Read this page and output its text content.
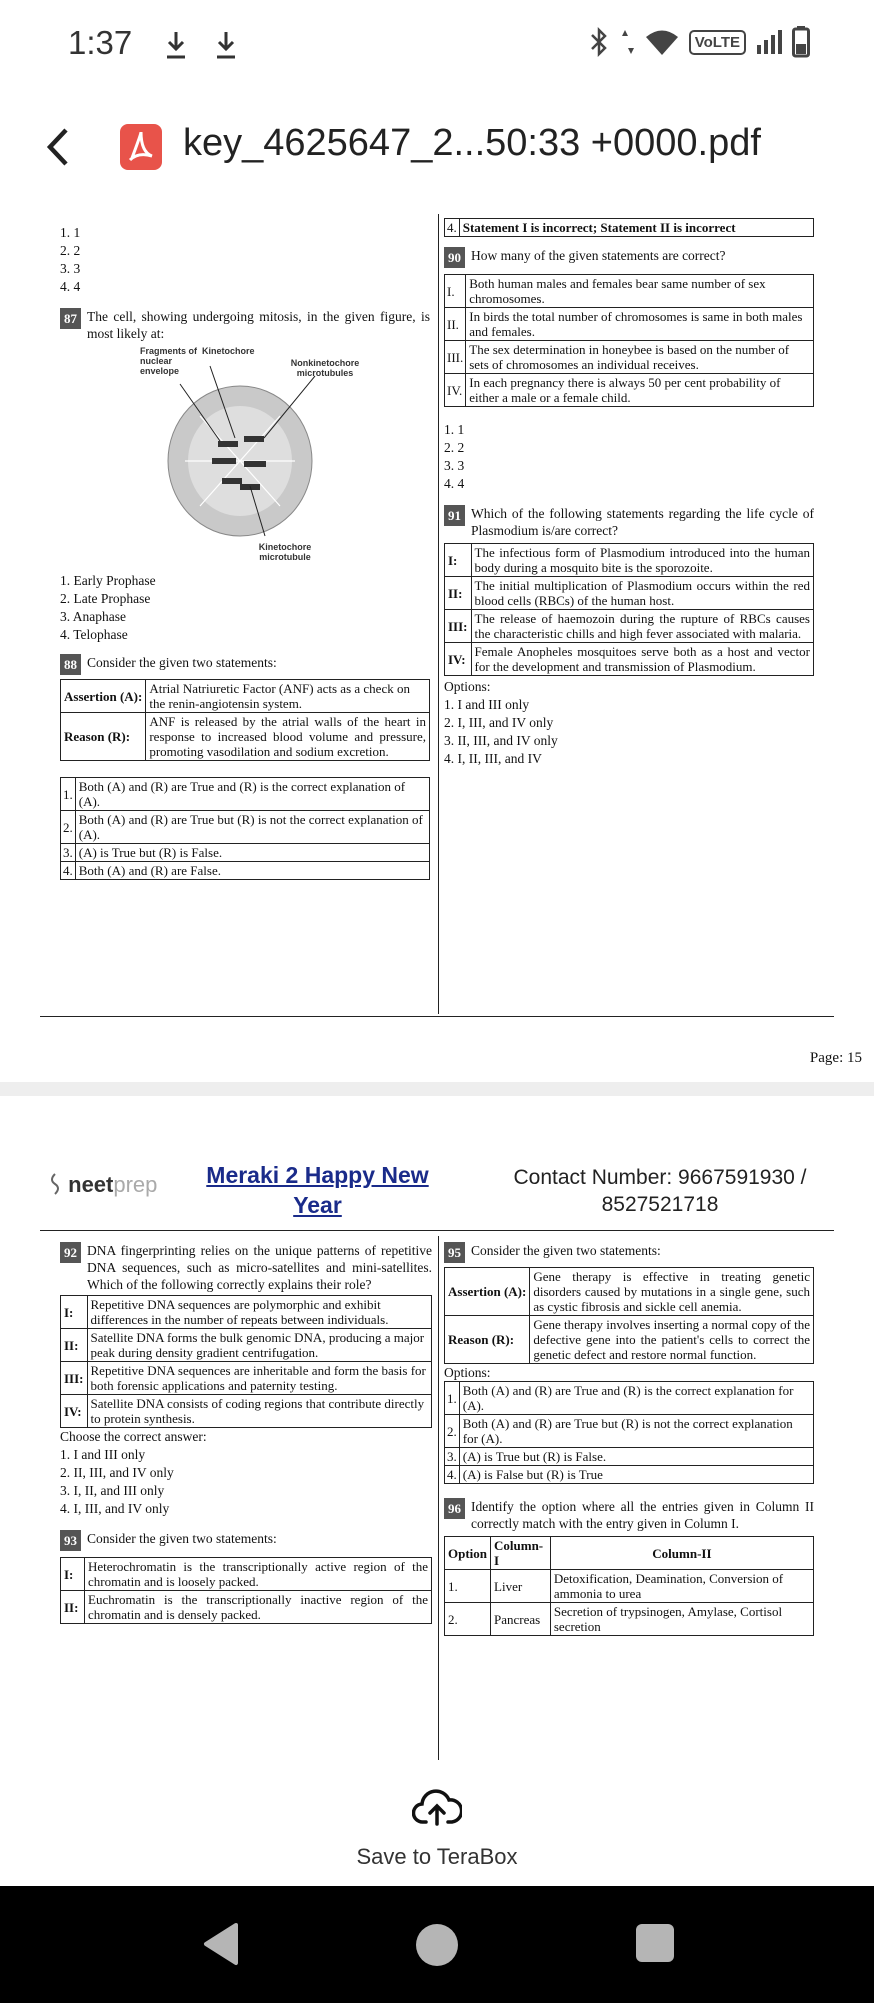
1:37	VoLTE
key_4625647_2...50:33 +0000.pdf
1. 1
2. 2
3. 3
4. 4
87 The cell, showing undergoing mitosis, in the given figure, is most likely at:
Fragments of nuclear envelope
Kinetochore
Nonkinetochore microtubules
Kinetochore microtubule
1. Early Prophase
2. Late Prophase
3. Anaphase
4. Telophase
88 Consider the given two statements:
Assertion (A):	Atrial Natriuretic Factor (ANF) acts as a check on the renin-angiotensin system.
Reason (R):	ANF is released by the atrial walls of the heart in response to increased blood volume and pressure, promoting vasodilation and sodium excretion.
1.	Both (A) and (R) are True and (R) is the correct explanation of (A).
2.	Both (A) and (R) are True but (R) is not the correct explanation of (A).
3.	(A) is True but (R) is False.
4.	Both (A) and (R) are False.
4.	Statement I is incorrect; Statement II is incorrect
90 How many of the given statements are correct?
I.	Both human males and females bear same number of sex chromosomes.
II.	In birds the total number of chromosomes is same in both males and females.
III.	The sex determination in honeybee is based on the number of sets of chromosomes an individual receives.
IV.	In each pregnancy there is always 50 per cent probability of either a male or a female child.
1. 1
2. 2
3. 3
4. 4
91 Which of the following statements regarding the life cycle of Plasmodium is/are correct?
I:	The infectious form of Plasmodium introduced into the human body during a mosquito bite is the sporozoite.
II:	The initial multiplication of Plasmodium occurs within the red blood cells (RBCs) of the human host.
III:	The release of haemozoin during the rupture of RBCs causes the characteristic chills and high fever associated with malaria.
IV:	Female Anopheles mosquitoes serve both as a host and vector for the development and transmission of Plasmodium.
Options:
1. I and III only
2. I, III, and IV only
3. II, III, and IV only
4. I, II, III, and IV
Page: 15
neetprep	Meraki 2 Happy New
Year
Contact Number: 9667591930 /
8527521718
92 DNA fingerprinting relies on the unique patterns of repetitive DNA sequences, such as micro-satellites and mini-satellites. Which of the following correctly explains their role?
I:	Repetitive DNA sequences are polymorphic and exhibit differences in the number of repeats between individuals.
II:	Satellite DNA forms the bulk genomic DNA, producing a major peak during density gradient centrifugation.
III:	Repetitive DNA sequences are inheritable and form the basis for both forensic applications and paternity testing.
IV:	Satellite DNA consists of coding regions that contribute directly to protein synthesis.
Choose the correct answer:
1. I and III only
2. II, III, and IV only
3. I, II, and III only
4. I, III, and IV only
93 Consider the given two statements:
I:	Heterochromatin is the transcriptionally active region of the chromatin and is loosely packed.
II:	Euchromatin is the transcriptionally inactive region of the chromatin and is densely packed.
95 Consider the given two statements:
Assertion (A):	Gene therapy is effective in treating genetic disorders caused by mutations in a single gene, such as cystic fibrosis and sickle cell anemia.
Reason (R):	Gene therapy involves inserting a normal copy of the defective gene into the patient's cells to correct the genetic defect and restore normal function.
Options:
1.	Both (A) and (R) are True and (R) is the correct explanation for (A).
2.	Both (A) and (R) are True but (R) is not the correct explanation for (A).
3.	(A) is True but (R) is False.
4.	(A) is False but (R) is True
96 Identify the option where all the entries given in Column II correctly match with the entry given in Column I.
Option	Column-I	Column-II
1.	Liver	Detoxification, Deamination, Conversion of ammonia to urea
2.	Pancreas	Secretion of trypsinogen, Amylase, Cortisol secretion
Save to TeraBox
